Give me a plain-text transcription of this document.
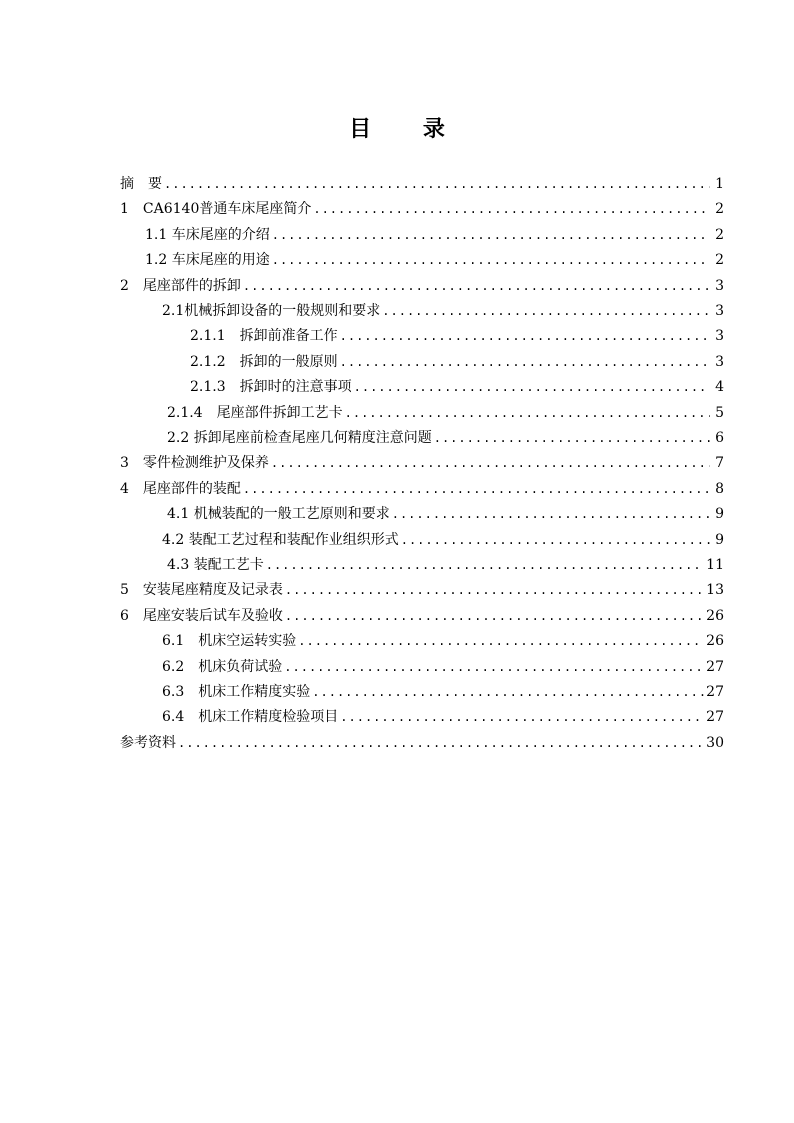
目 录
摘　要 .....	1
1　CA6140普通车床尾座简介 .....	2
1.1 车床尾座的介绍 .....	2
1.2 车床尾座的用途 .....	2
2　尾座部件的拆卸 .....	3
2.1机械拆卸设备的一般规则和要求 .....	3
2.1.1　拆卸前准备工作 .....	3
2.1.2　拆卸的一般原则 .....	3
2.1.3　拆卸时的注意事项 .....	4
2.1.4　尾座部件拆卸工艺卡 .....	5
2.2 拆卸尾座前检查尾座几何精度注意问题 .....	6
3　零件检测维护及保养 .....	7
4　尾座部件的装配 .....	8
4.1 机械装配的一般工艺原则和要求 .....	9
4.2 装配工艺过程和装配作业组织形式 .....	9
4.3 装配工艺卡 .....	11
5　安装尾座精度及记录表 .....	13
6　尾座安装后试车及验收 .....	26
6.1　机床空运转实验 .....	26
6.2　机床负荷试验 .....	27
6.3　机床工作精度实验 .....	27
6.4　机床工作精度检验项目 .....	27
参考资料 .....	30
